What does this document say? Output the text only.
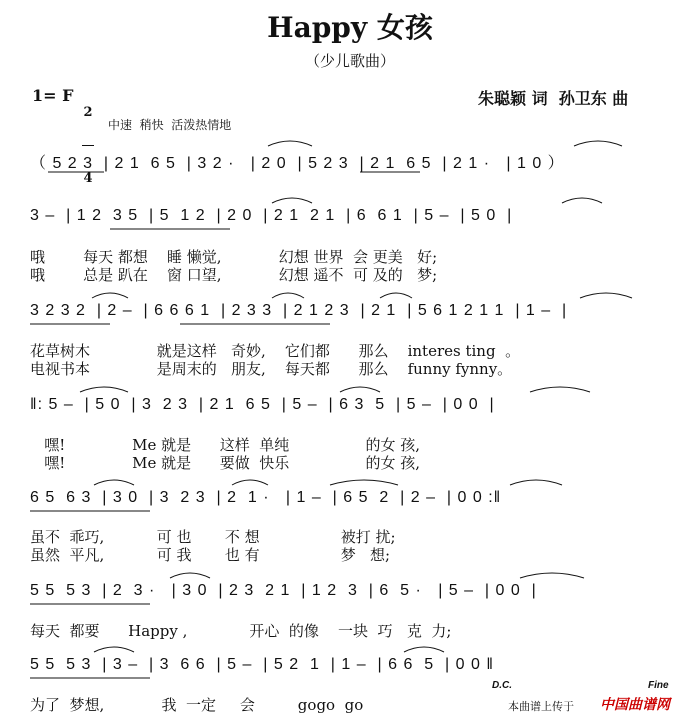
Happy 女孩
（少儿歌曲）
1= F

2

4

朱聪颖 词  孙卫东 曲
中速  稍快  活泼热情地
（ 5 2 3  | 2 1  6 5  | 3 2 ·   | 2 0  | 5 2 3  | 2 1  6 5  | 2 1 ·   | 1 0 ）
3 –  | 1 2  3 5  | 5  1 2  | 2 0  | 2 1  2 1  | 6  6 1  | 5 –  | 5 0  |
哦        每天 都想    睡 懒觉,            幻想 世界  会 更美   好;
哦        总是 趴在    窗 口望,            幻想 遥不  可 及的   梦;
3 2 3 2  | 2 –  | 6 6 6 1  | 2 3 3  | 2 1 2 3  | 2 1  | 5 6 1 2 1 1  | 1 –  |
花草树木              就是这样   奇妙,    它们都      那么    interes ting  。
电视书本              是周末的   朋友,    每天都      那么    funny fynny。
‖: 5 –  | 5 0  | 3  2 3  | 2 1  6 5  | 5 –  | 6 3  5  | 5 –  | 0 0  |
嘿!              Me 就是      这样  单纯                的女 孩,
嘿!              Me 就是      要做  快乐                的女 孩,
6 5  6 3  | 3 0  | 3  2 3  | 2  1 ·   | 1 –  | 6 5  2  | 2 –  | 0 0 :‖
虽不  乖巧,           可 也       不 想                 被打 扰;
虽然  平凡,           可 我       也 有                 梦   想;
5 5  5 3  | 2  3 ·   | 3 0  | 2 3  2 1  | 1 2  3  | 6  5 ·   | 5 –  | 0 0  |
每天  都要      Happy ,             开心  的像    一块  巧   克  力;
5 5  5 3  | 3 –  | 3  6 6  | 5 –  | 5 2  1  | 1 –  | 6 6  5  | 0 0 ‖
为了  梦想,            我  一定     会         gogo  go
D.C.	Fine
本曲谱上传于 中国曲谱网
